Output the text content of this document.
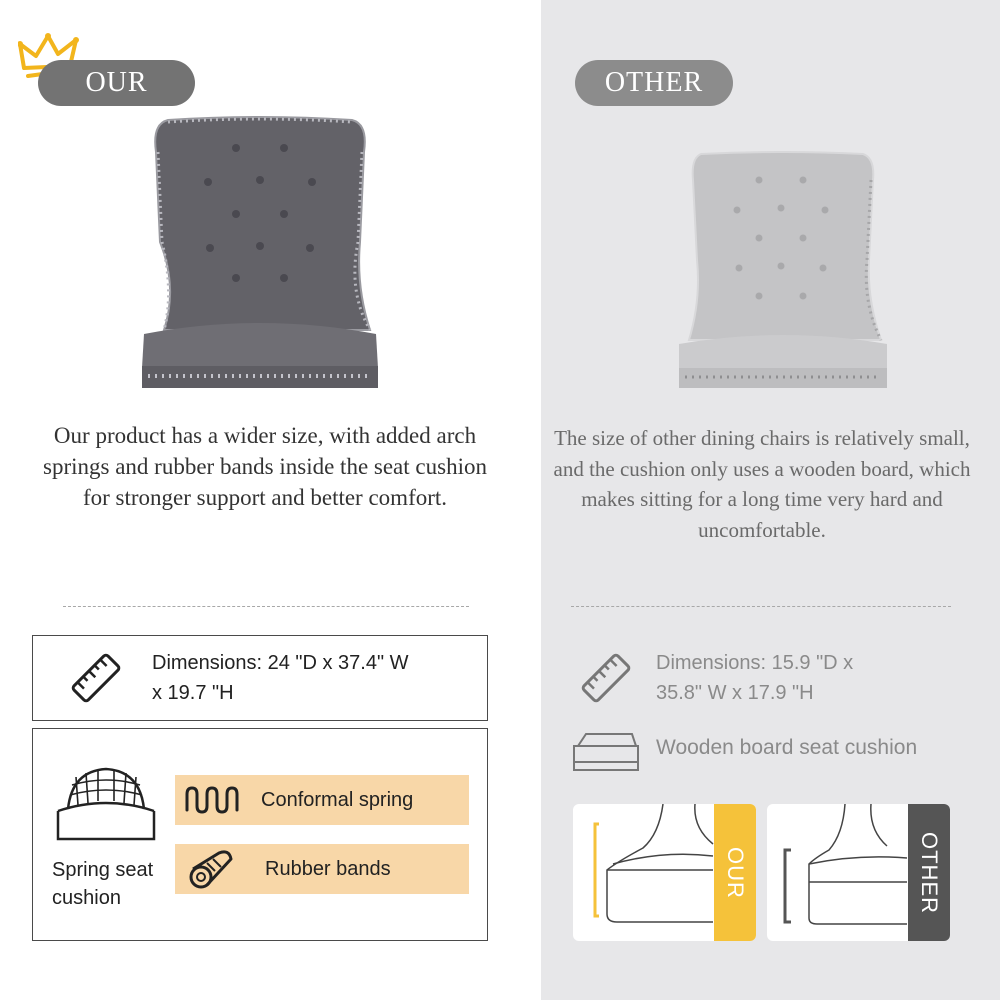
OUR	OTHER
Our product has a wider size, with added arch springs and rubber bands inside the seat cushion for stronger support and better comfort.
The size of other dining chairs is relatively small, and the cushion only uses a wooden board, which makes sitting for a long time very hard and uncomfortable.
Dimensions: 24 "D x 37.4" W
x 19.7 "H
Spring seat
cushion
Conformal spring
Rubber bands
Dimensions: 15.9 "D x
35.8" W x 17.9 "H
Wooden board seat cushion
OUR	OTHER
